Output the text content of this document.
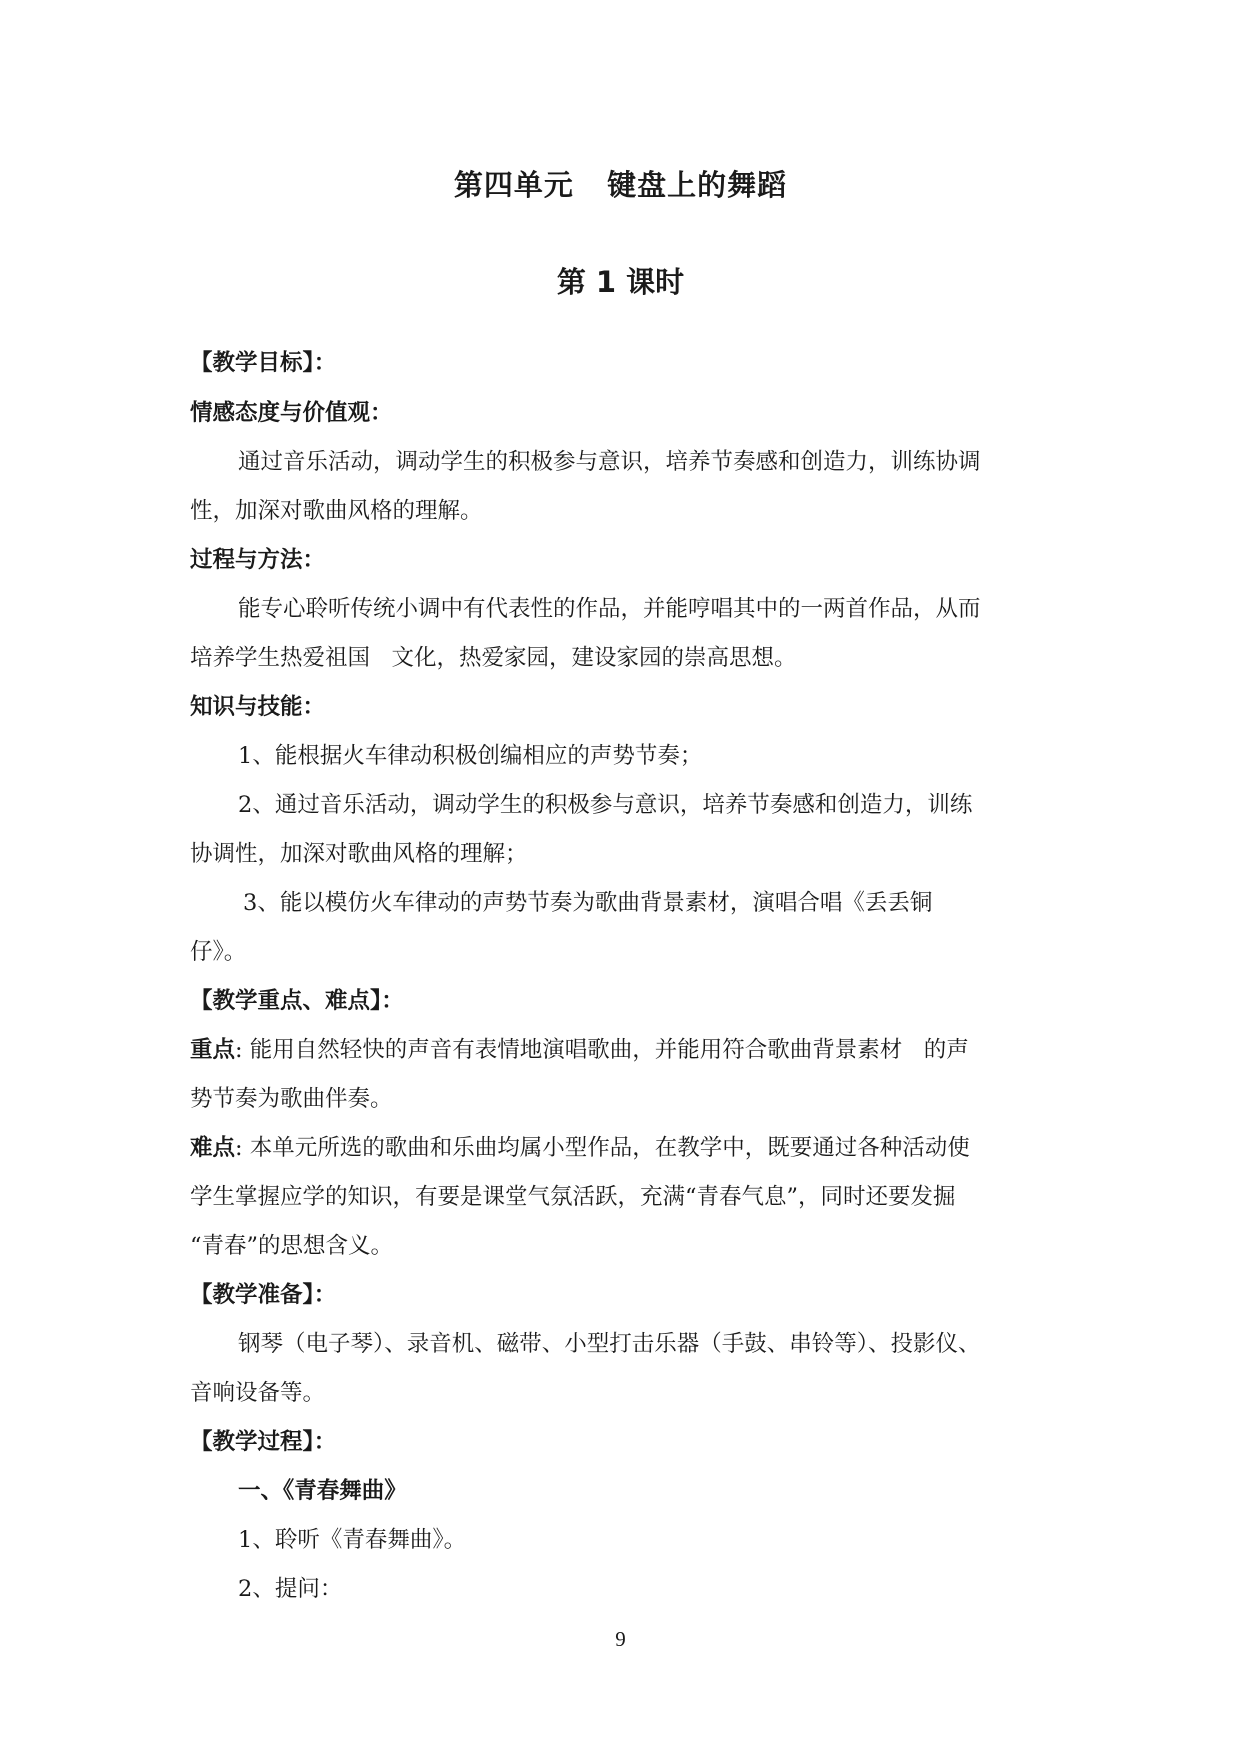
第四单元   键盘上的舞蹈
第 1 课时
【教学目标】：
情感态度与价值观：
通过音乐活动，调动学生的积极参与意识，培养节奏感和创造力，训练协调
性，加深对歌曲风格的理解。
过程与方法：
能专心聆听传统小调中有代表性的作品，并能哼唱其中的一两首作品，从而
培养学生热爱祖国   文化，热爱家园，建设家园的崇高思想。
知识与技能：
1、能根据火车律动积极创编相应的声势节奏；
2、通过音乐活动，调动学生的积极参与意识，培养节奏感和创造力，训练
协调性，加深对歌曲风格的理解；
3、能以模仿火车律动的声势节奏为歌曲背景素材，演唱合唱《丢丢铜
仔》。
【教学重点、难点】：
重点: 能用自然轻快的声音有表情地演唱歌曲，并能用符合歌曲背景素材   的声
势节奏为歌曲伴奏。
难点: 本单元所选的歌曲和乐曲均属小型作品，在教学中，既要通过各种活动使
学生掌握应学的知识，有要是课堂气氛活跃，充满“青春气息”，同时还要发掘
“青春”的思想含义。
【教学准备】：
钢琴（电子琴）、录音机、磁带、小型打击乐器（手鼓、串铃等）、投影仪、
音响设备等。
【教学过程】：
一、《青春舞曲》
1、聆听《青春舞曲》。
2、提问：
9
